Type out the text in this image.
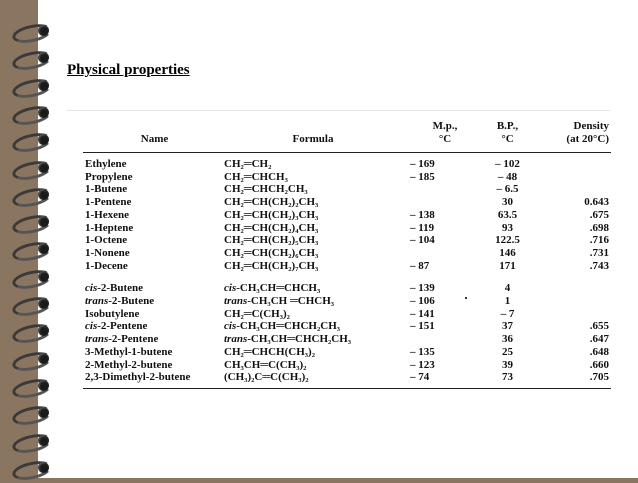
Physical properties
		M.p.,	B.P.,	Density
Name	Formula	°C	°C	(at 20°C)
Ethylene	CH₂═CH₂	– 169	– 102	
Propylene	CH₂═CHCH₃	– 185	– 48	
1-Butene	CH₂═CHCH₂CH₃		– 6.5	
1-Pentene	CH₂═CH(CH₂)₂CH₃		30	0.643
1-Hexene	CH₂═CH(CH₂)₃CH₃	– 138	63.5	.675
1-Heptene	CH₂═CH(CH₂)₄CH₃	– 119	93	.698
1-Octene	CH₂═CH(CH₂)₅CH₃	– 104	122.5	.716
1-Nonene	CH₂═CH(CH₂)₆CH₃		146	.731
1-Decene	CH₂═CH(CH₂)₇CH₃	– 87	171	.743
cis-2-Butene	cis-CH₃CH═CHCH₃	– 139	4	
trans-2-Butene	trans-CH₃CH ═CHCH₃	– 106	1	
Isobutylene	CH₂═C(CH₃)₂	– 141	– 7	
cis-2-Pentene	cis-CH₃CH═CHCH₂CH₃	– 151	37	.655
trans-2-Pentene	trans-CH₃CH═CHCH₂CH₃		36	.647
3-Methyl-1-butene	CH₂═CHCH(CH₃)₂	– 135	25	.648
2-Methyl-2-butene	CH₃CH═C(CH₃)₂	– 123	39	.660
2,3-Dimethyl-2-butene	(CH₃)₂C═C(CH₃)₂	– 74	73	.705
